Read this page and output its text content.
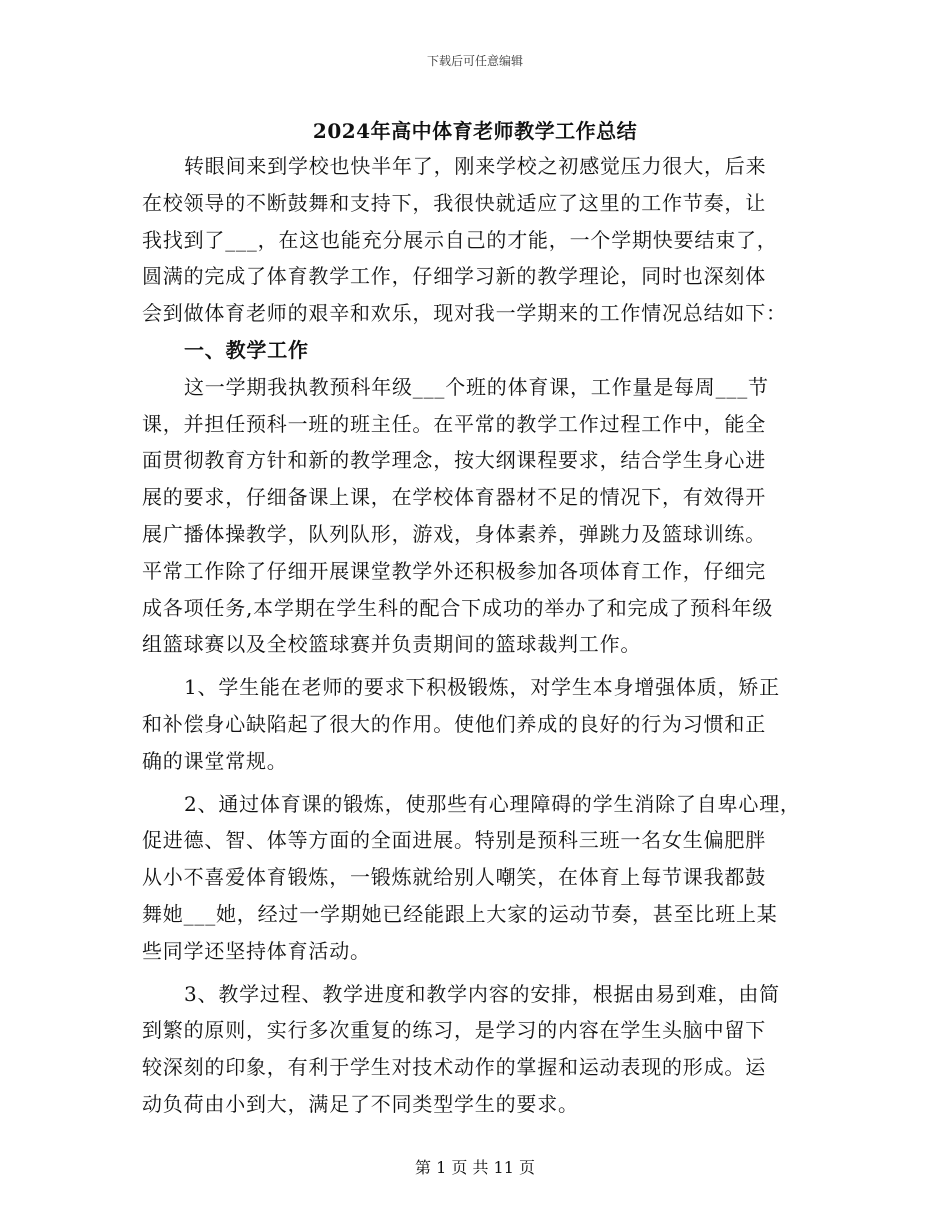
下载后可任意编辑
2024年高中体育老师教学工作总结
转眼间来到学校也快半年了，刚来学校之初感觉压力很大，后来
在校领导的不断鼓舞和支持下，我很快就适应了这里的工作节奏，让
我找到了___，在这也能充分展示自己的才能，一个学期快要结束了，
圆满的完成了体育教学工作，仔细学习新的教学理论，同时也深刻体
会到做体育老师的艰辛和欢乐，现对我一学期来的工作情况总结如下：
一、教学工作
这一学期我执教预科年级___个班的体育课，工作量是每周___节
课，并担任预科一班的班主任。在平常的教学工作过程工作中，能全
面贯彻教育方针和新的教学理念，按大纲课程要求，结合学生身心进
展的要求，仔细备课上课，在学校体育器材不足的情况下，有效得开
展广播体操教学，队列队形，游戏，身体素养，弹跳力及篮球训练。
平常工作除了仔细开展课堂教学外还积极参加各项体育工作，仔细完
成各项任务,本学期在学生科的配合下成功的举办了和完成了预科年级
组篮球赛以及全校篮球赛并负责期间的篮球裁判工作。
1、学生能在老师的要求下积极锻炼，对学生本身增强体质，矫正
和补偿身心缺陷起了很大的作用。使他们养成的良好的行为习惯和正
确的课堂常规。
2、通过体育课的锻炼，使那些有心理障碍的学生消除了自卑心理，
促进德、智、体等方面的全面进展。特别是预科三班一名女生偏肥胖
从小不喜爱体育锻炼，一锻炼就给别人嘲笑，在体育上每节课我都鼓
舞她___她，经过一学期她已经能跟上大家的运动节奏，甚至比班上某
些同学还坚持体育活动。
3、教学过程、教学进度和教学内容的安排，根据由易到难，由简
到繁的原则，实行多次重复的练习，是学习的内容在学生头脑中留下
较深刻的印象，有利于学生对技术动作的掌握和运动表现的形成。运
动负荷由小到大，满足了不同类型学生的要求。
第 1 页 共 11 页
